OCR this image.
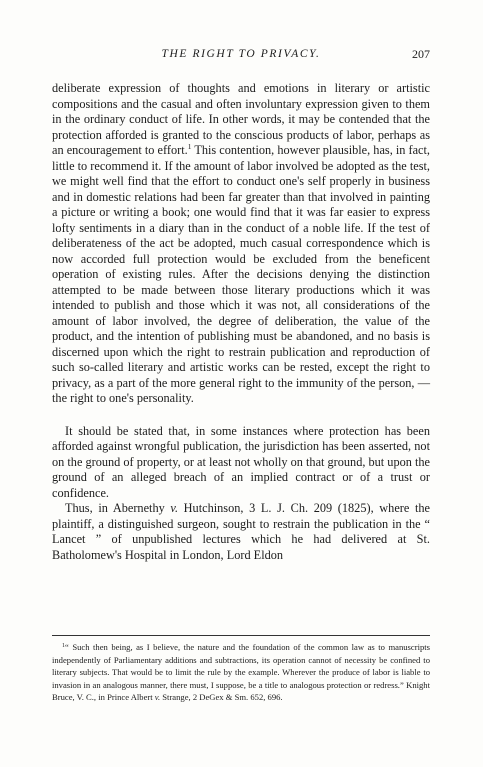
THE RIGHT TO PRIVACY.	207

deliberate expression of thoughts and emotions in literary or artistic compositions and the casual and often involuntary expression given to them in the ordinary conduct of life. In other words, it may be contended that the protection afforded is granted to the conscious products of labor, perhaps as an encouragement to effort.$^1$ This contention, however plausible, has, in fact, little to recommend it. If the amount of labor involved be adopted as the test, we might well find that the effort to conduct one's self properly in business and in domestic relations had been far greater than that involved in painting a picture or writing a book; one would find that it was far easier to express lofty sentiments in a diary than in the conduct of a noble life. If the test of deliberateness of the act be adopted, much casual correspondence which is now accorded full protection would be excluded from the beneficent operation of existing rules. After the decisions denying the distinction attempted to be made between those literary productions which it was intended to publish and those which it was not, all considerations of the amount of labor involved, the degree of deliberation, the value of the product, and the intention of publishing must be abandoned, and no basis is discerned upon which the right to restrain publication and reproduction of such so-called literary and artistic works can be rested, except the right to privacy, as a part of the more general right to the immunity of the person, — the right to one's personality.

It should be stated that, in some instances where protection has been afforded against wrongful publication, the jurisdiction has been asserted, not on the ground of property, or at least not wholly on that ground, but upon the ground of an alleged breach of an implied contract or of a trust or confidence.

Thus, in Abernethy v. Hutchinson, 3 L. J. Ch. 209 (1825), where the plaintiff, a distinguished surgeon, sought to restrain the publication in the “ Lancet ” of unpublished lectures which he had delivered at St. Batholomew's Hospital in London, Lord Eldon

$^1$“ Such then being, as I believe, the nature and the foundation of the common law as to manuscripts independently of Parliamentary additions and subtractions, its operation cannot of necessity be confined to literary subjects. That would be to limit the rule by the example. Wherever the produce of labor is liable to invasion in an analogous manner, there must, I suppose, be a title to analogous protection or redress.” Knight Bruce, V. C., in Prince Albert v. Strange, 2 DeGex & Sm. 652, 696.
